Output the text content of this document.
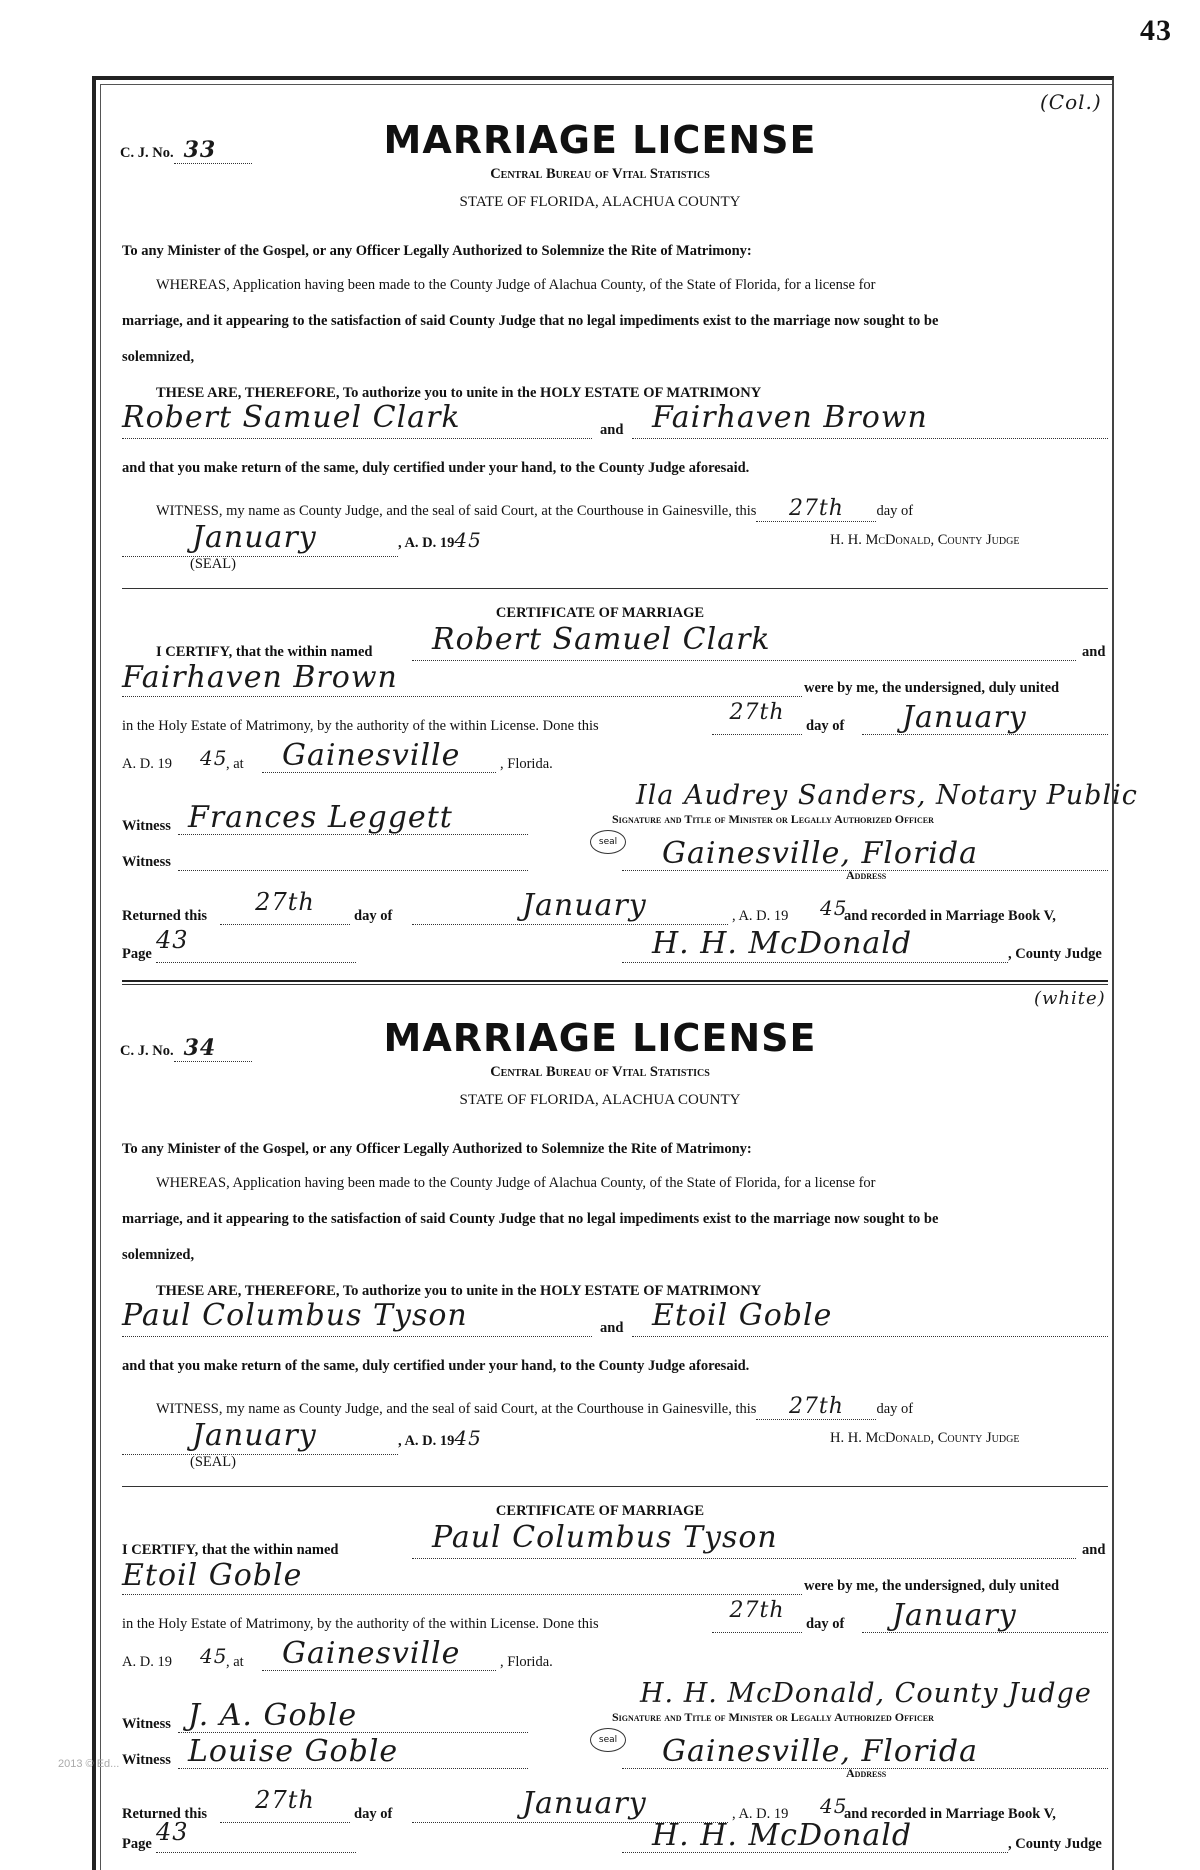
43
(Col.)
C. J. No. 33	MARRIAGE LICENSE
Central Bureau of Vital Statistics
STATE OF FLORIDA, ALACHUA COUNTY
To any Minister of the Gospel, or any Officer Legally Authorized to Solemnize the Rite of Matrimony:
WHEREAS, Application having been made to the County Judge of Alachua County, of the State of Florida, for a license for
marriage, and it appearing to the satisfaction of said County Judge that no legal impediments exist to the marriage now sought to be
solemnized,
THESE ARE, THEREFORE, To authorize you to unite in the HOLY ESTATE OF MATRIMONY
Robert Samuel Clark	and Fairhaven Brown
and that you make return of the same, duly certified under your hand, to the County Judge aforesaid.
WITNESS, my name as County Judge, and the seal of said Court, at the Courthouse in Gainesville, this 27th day of
January	, A. D. 1945	H. H. McDonald, County Judge
(SEAL)
CERTIFICATE OF MARRIAGE
I CERTIFY, that the within named	Robert Samuel Clark	and
Fairhaven Brown	were by me, the undersigned, duly united
in the Holy Estate of Matrimony, by the authority of the within License. Done this
27th
day of	January
A. D. 19 45
, at	Gainesville	, Florida.
Ila Audrey Sanders, Notary Public
Witness Frances Leggett	Signature and Title of Minister or Legally Authorized Officer
seal
Witness	Gainesville, Florida
Address
Returned this	27th	day of	January	, A. D. 19 45
and recorded in Marriage Book V,
Page 43	H. H. McDonald	, County Judge
(white)
C. J. No. 34	MARRIAGE LICENSE
Central Bureau of Vital Statistics
STATE OF FLORIDA, ALACHUA COUNTY
To any Minister of the Gospel, or any Officer Legally Authorized to Solemnize the Rite of Matrimony:
WHEREAS, Application having been made to the County Judge of Alachua County, of the State of Florida, for a license for
marriage, and it appearing to the satisfaction of said County Judge that no legal impediments exist to the marriage now sought to be
solemnized,
THESE ARE, THEREFORE, To authorize you to unite in the HOLY ESTATE OF MATRIMONY
Paul Columbus Tyson	and Etoil Goble
and that you make return of the same, duly certified under your hand, to the County Judge aforesaid.
WITNESS, my name as County Judge, and the seal of said Court, at the Courthouse in Gainesville, this 27th day of
January	, A. D. 1945	H. H. McDonald, County Judge
(SEAL)
CERTIFICATE OF MARRIAGE
I CERTIFY, that the within named	Paul Columbus Tyson	and
Etoil Goble	were by me, the undersigned, duly united
in the Holy Estate of Matrimony, by the authority of the within License. Done this
27th
day of	January
A. D. 19 45
, at	Gainesville	, Florida.
H. H. McDonald, County Judge
Witness J. A. Goble	Signature and Title of Minister or Legally Authorized Officer
seal
Witness Louise Goble	Gainesville, Florida
Address
Returned this	27th	day of	January	, A. D. 19 45
and recorded in Marriage Book V,
Page 43	H. H. McDonald	, County Judge
2013 © Ed...
